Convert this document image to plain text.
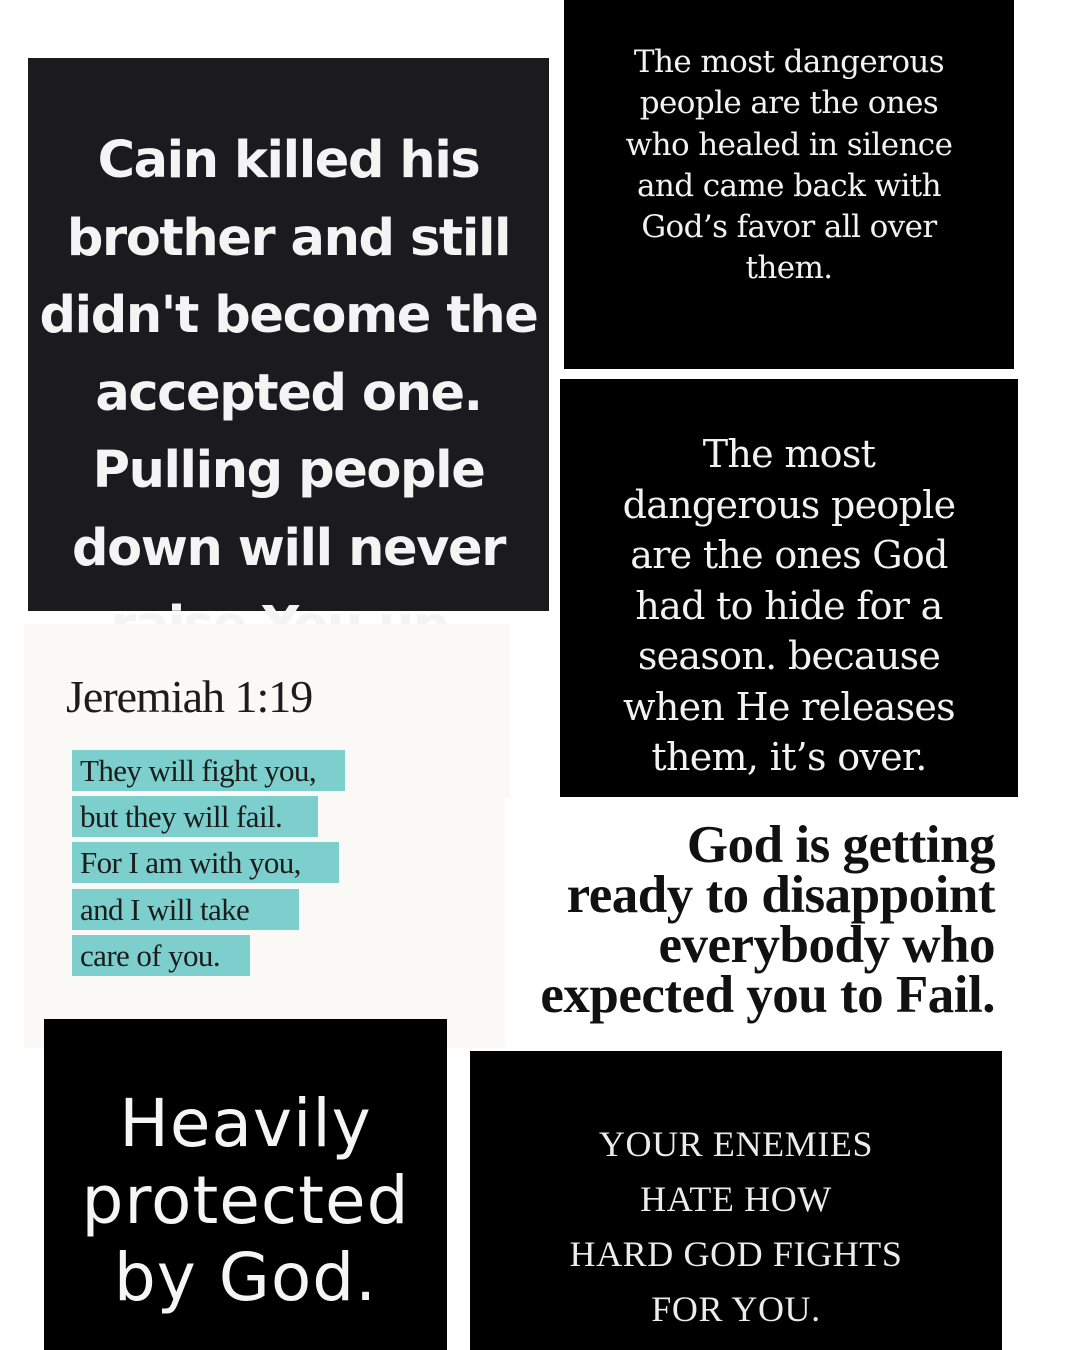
Cain killed his
brother and still
didn't become the
accepted one.
Pulling people
down will never
The most dangerous
people are the ones
who healed in silence
and came back with
God’s favor all over
them.
The most
dangerous people
are the ones God
had to hide for a
season. because
when He releases
them, it’s over.
Jeremiah 1:19
They will fight you,
but they will fail.
For I am with you,
and I will take
care of you.
God is getting
ready to disappoint
everybody who
expected you to Fail.
Heavily
protected
by God.
YOUR ENEMIES
HATE HOW
HARD GOD FIGHTS
FOR YOU.
